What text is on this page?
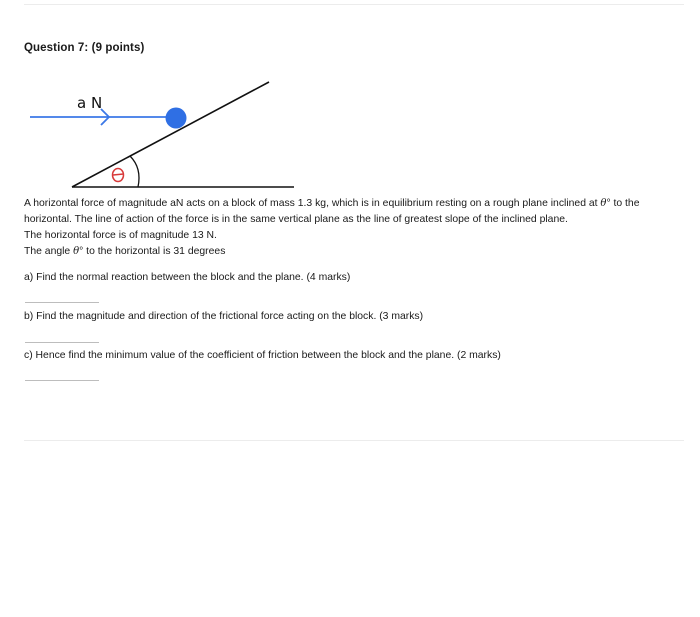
Question 7: (9 points)
a N

A horizontal force of magnitude aN acts on a block of mass 1.3 kg, which is in equilibrium resting on a rough plane inclined at θ° to the horizontal. The line of action of the force is in the same vertical plane as the line of greatest slope of the inclined plane.

The horizontal force is of magnitude 13 N.

The angle θ° to the horizontal is 31 degrees

a) Find the normal reaction between the block and the plane. (4 marks)
b) Find the magnitude and direction of the frictional force acting on the block. (3 marks)
c) Hence find the minimum value of the coefficient of friction between the block and the plane. (2 marks)
